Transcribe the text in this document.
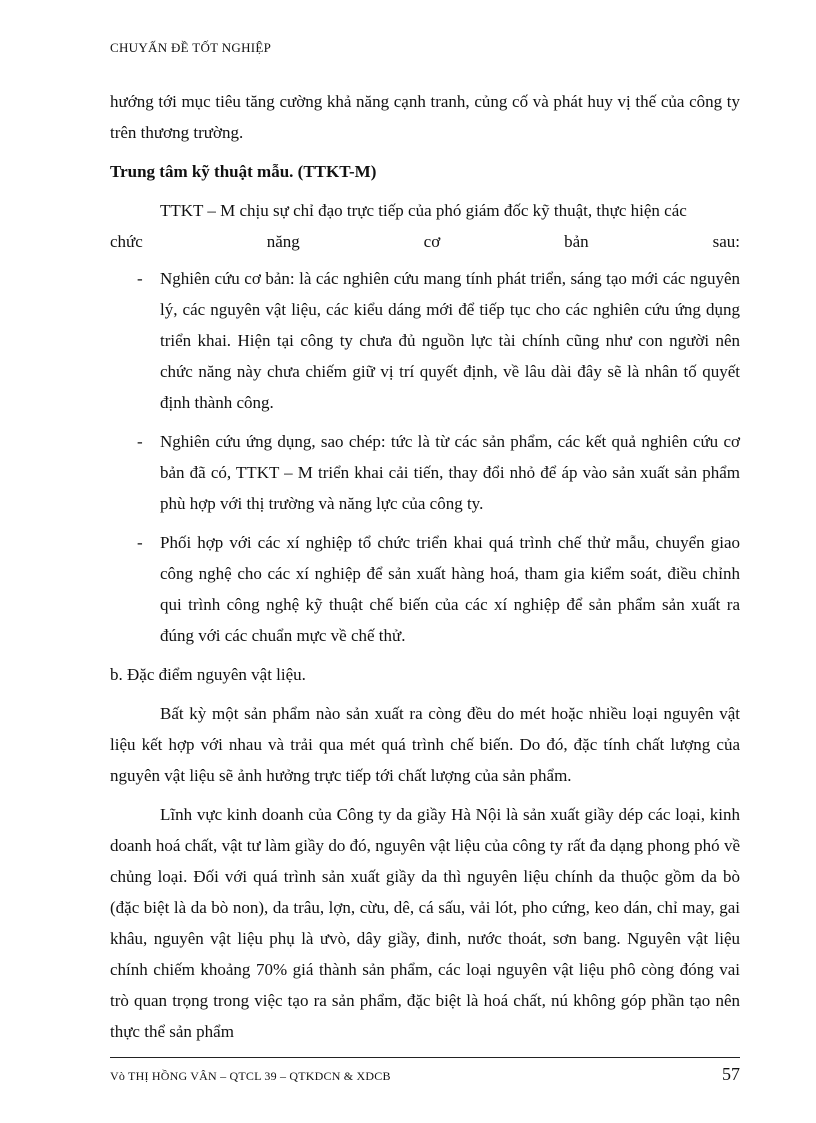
CHUYẤN ĐỀ TỐT NGHIỆP

hướng tới mục tiêu tăng cường khả năng cạnh tranh, củng cố và phát huy vị thế của công ty trên thương trường.

Trung tâm kỹ thuật mẫu. (TTKT-M)

TTKT – M chịu sự chỉ đạo trực tiếp của phó giám đốc kỹ thuật, thực hiện các

chức	năng	cơ	bản	sau:
- Nghiên cứu cơ bản: là các nghiên cứu mang tính phát triển, sáng tạo mới các nguyên lý, các nguyên vật liệu, các kiểu dáng mới để tiếp tục cho các nghiên cứu ứng dụng triển khai. Hiện tại công ty chưa đủ nguồn lực tài chính cũng như con người nên chức năng này chưa chiếm giữ vị trí quyết định, về lâu dài đây sẽ là nhân tố quyết định thành công.
- Nghiên cứu ứng dụng, sao chép: tức là từ các sản phẩm, các kết quả nghiên cứu cơ bản đã có, TTKT – M triển khai cải tiến, thay đổi nhỏ để áp vào sản xuất sản phẩm phù hợp với thị trường và năng lực của công ty.
- Phối hợp với các xí nghiệp tổ chức triển khai quá trình chế thử mẫu, chuyển giao công nghệ cho các xí nghiệp để sản xuất hàng hoá, tham gia kiểm soát, điều chỉnh qui trình công nghệ kỹ thuật chế biến của các xí nghiệp để sản phẩm sản xuất ra đúng với các chuẩn mực về chế thử.

b. Đặc điểm nguyên vật liệu.

Bất kỳ một sản phẩm nào sản xuất ra còng đều do mét hoặc nhiều loại nguyên vật liệu kết hợp với nhau và trải qua mét quá trình chế biến. Do đó, đặc tính chất lượng của nguyên vật liệu sẽ ảnh hưởng trực tiếp tới chất lượng của sản phẩm.

Lĩnh vực kinh doanh của Công ty da giầy Hà Nội là sản xuất giầy dép các loại, kinh doanh hoá chất, vật tư làm giầy do đó, nguyên vật liệu của công ty rất đa dạng phong phó về chủng loại. Đối với quá trình sản xuất giầy da thì nguyên liệu chính da thuộc gồm da bò (đặc biệt là da bò non), da trâu, lợn, cừu, dê, cá sấu, vải lót, pho cứng, keo dán, chỉ may, gai khâu, nguyên vật liệu phụ là ưvò, dây giầy, đinh, nước thoát, sơn bang. Nguyên vật liệu chính chiếm khoảng 70% giá thành sản phẩm, các loại nguyên vật liệu phô còng đóng vai trò quan trọng trong việc tạo ra sản phẩm, đặc biệt là hoá chất, nú không góp phần tạo nên thực thể sản phẩm

Vò THỊ HỒNG VÂN – QTCL 39 – QTKDCN & XDCB	57
